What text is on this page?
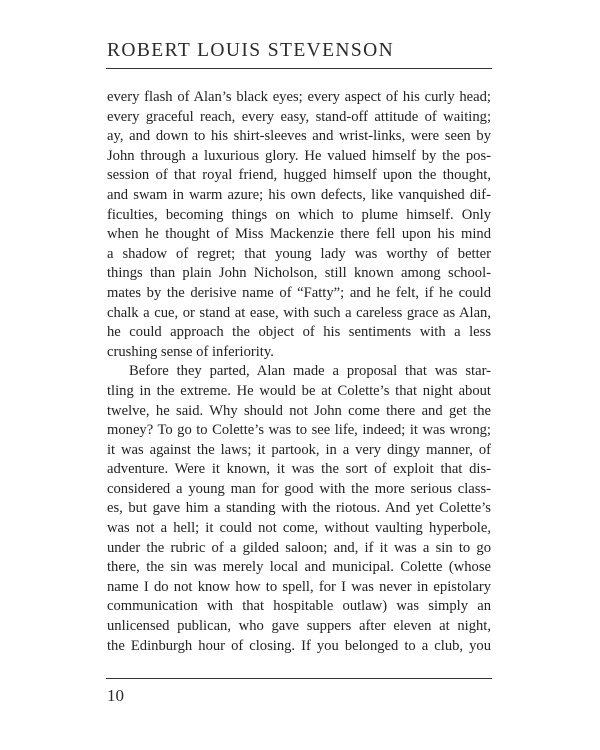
ROBERT LOUIS STEVENSON
every flash of Alan’s black eyes; every aspect of his curly head;
every graceful reach, every easy, stand-off attitude of waiting;
ay, and down to his shirt-sleeves and wrist-links, were seen by
John through a luxurious glory. He valued himself by the pos-
session of that royal friend, hugged himself upon the thought,
and swam in warm azure; his own defects, like vanquished dif-
ficulties, becoming things on which to plume himself. Only
when he thought of Miss Mackenzie there fell upon his mind
a shadow of regret; that young lady was worthy of better
things than plain John Nicholson, still known among school-
mates by the derisive name of “Fatty”; and he felt, if he could
chalk a cue, or stand at ease, with such a careless grace as Alan,
he could approach the object of his sentiments with a less
crushing sense of inferiority.
Before they parted, Alan made a proposal that was star-
tling in the extreme. He would be at Colette’s that night about
twelve, he said. Why should not John come there and get the
money? To go to Colette’s was to see life, indeed; it was wrong;
it was against the laws; it partook, in a very dingy manner, of
adventure. Were it known, it was the sort of exploit that dis-
considered a young man for good with the more serious class-
es, but gave him a standing with the riotous. And yet Colette’s
was not a hell; it could not come, without vaulting hyperbole,
under the rubric of a gilded saloon; and, if it was a sin to go
there, the sin was merely local and municipal. Colette (whose
name I do not know how to spell, for I was never in epistolary
communication with that hospitable outlaw) was simply an
unlicensed publican, who gave suppers after eleven at night,
the Edinburgh hour of closing. If you belonged to a club, you
10
